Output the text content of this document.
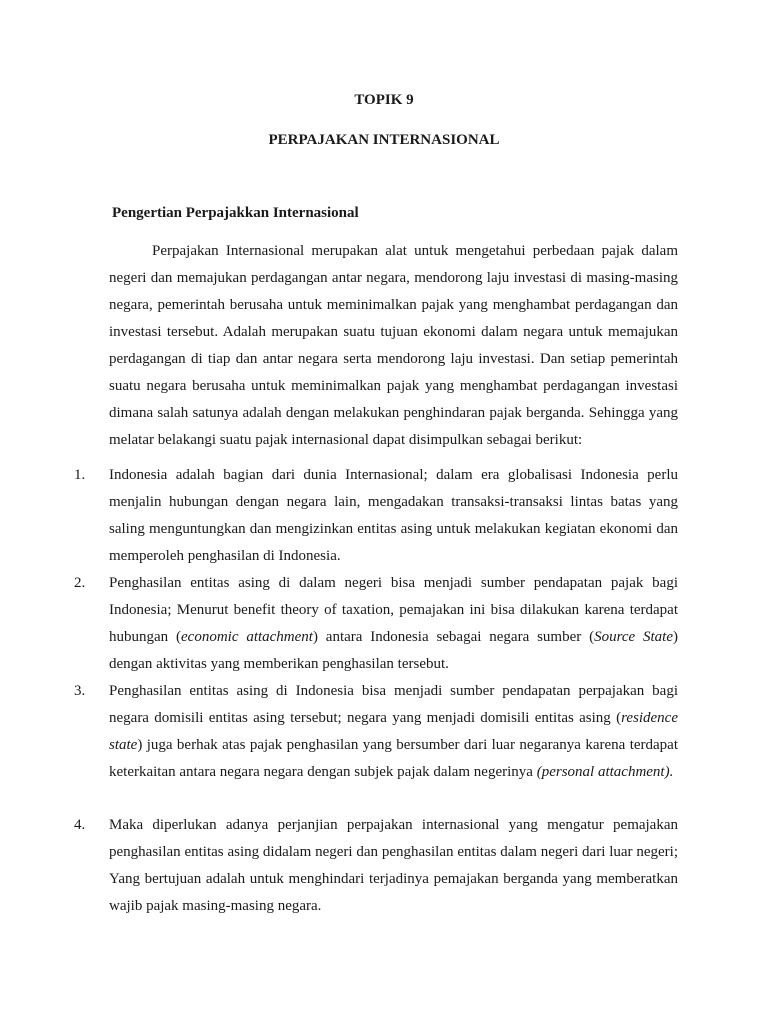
TOPIK 9
PERPAJAKAN INTERNASIONAL
Pengertian Perpajakkan Internasional

Perpajakan Internasional merupakan alat untuk mengetahui perbedaan pajak dalam negeri dan memajukan perdagangan antar negara, mendorong laju investasi di masing-masing negara, pemerintah berusaha untuk meminimalkan pajak yang menghambat perdagangan dan investasi tersebut. Adalah merupakan suatu tujuan ekonomi dalam negara untuk memajukan perdagangan di tiap dan antar negara serta mendorong laju investasi. Dan setiap pemerintah suatu negara berusaha untuk meminimalkan pajak yang menghambat perdagangan investasi dimana salah satunya adalah dengan melakukan penghindaran pajak berganda. Sehingga yang melatar belakangi suatu pajak internasional dapat disimpulkan sebagai berikut:

1. Indonesia adalah bagian dari dunia Internasional; dalam era globalisasi Indonesia perlu menjalin hubungan dengan negara lain, mengadakan transaksi-transaksi lintas batas yang saling menguntungkan dan mengizinkan entitas asing untuk melakukan kegiatan ekonomi dan memperoleh penghasilan di Indonesia.
2. Penghasilan entitas asing di dalam negeri bisa menjadi sumber pendapatan pajak bagi Indonesia; Menurut benefit theory of taxation, pemajakan ini bisa dilakukan karena terdapat hubungan (economic attachment) antara Indonesia sebagai negara sumber (Source State) dengan aktivitas yang memberikan penghasilan tersebut.
3. Penghasilan entitas asing di Indonesia bisa menjadi sumber pendapatan perpajakan bagi negara domisili entitas asing tersebut; negara yang menjadi domisili entitas asing (residence state) juga berhak atas pajak penghasilan yang bersumber dari luar negaranya karena terdapat keterkaitan antara negara negara dengan subjek pajak dalam negerinya (personal attachment).
4. Maka diperlukan adanya perjanjian perpajakan internasional yang mengatur pemajakan penghasilan entitas asing didalam negeri dan penghasilan entitas dalam negeri dari luar negeri; Yang bertujuan adalah untuk menghindari terjadinya pemajakan berganda yang memberatkan wajib pajak masing-masing negara.
